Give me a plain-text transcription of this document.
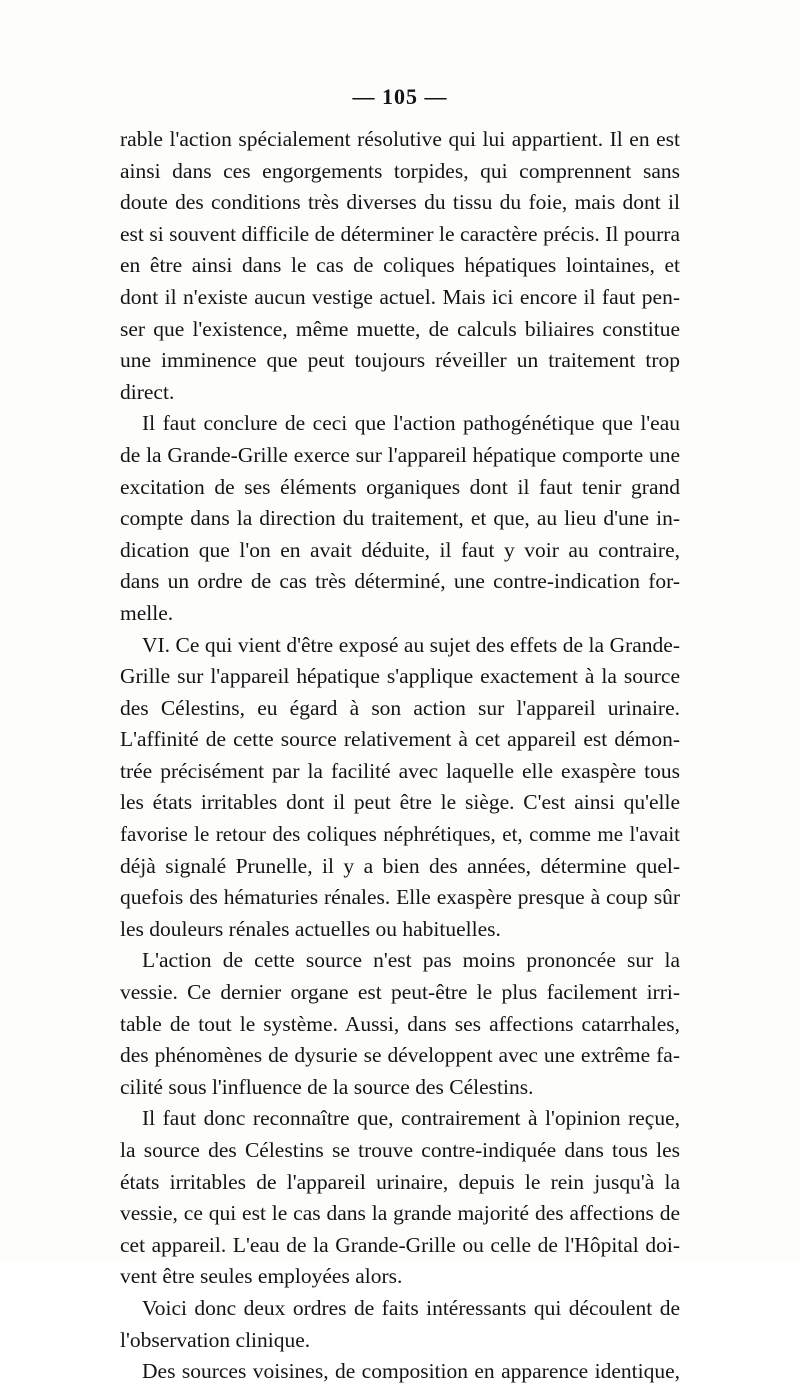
— 105 —
rable l'action spécialement résolutive qui lui appartient. Il en est
ainsi dans ces engorgements torpides, qui comprennent sans
doute des conditions très diverses du tissu du foie, mais dont il
est si souvent difficile de déterminer le caractère précis. Il pourra
en être ainsi dans le cas de coliques hépatiques lointaines, et
dont il n'existe aucun vestige actuel. Mais ici encore il faut pen-
ser que l'existence, même muette, de calculs biliaires constitue
une imminence que peut toujours réveiller un traitement trop
direct.
Il faut conclure de ceci que l'action pathogénétique que l'eau
de la Grande-Grille exerce sur l'appareil hépatique comporte une
excitation de ses éléments organiques dont il faut tenir grand
compte dans la direction du traitement, et que, au lieu d'une in-
dication que l'on en avait déduite, il faut y voir au contraire,
dans un ordre de cas très déterminé, une contre-indication for-
melle.
VI. Ce qui vient d'être exposé au sujet des effets de la Grande-
Grille sur l'appareil hépatique s'applique exactement à la source
des Célestins, eu égard à son action sur l'appareil urinaire.
L'affinité de cette source relativement à cet appareil est démon-
trée précisément par la facilité avec laquelle elle exaspère tous
les états irritables dont il peut être le siège. C'est ainsi qu'elle
favorise le retour des coliques néphrétiques, et, comme me l'avait
déjà signalé Prunelle, il y a bien des années, détermine quel-
quefois des hématuries rénales. Elle exaspère presque à coup sûr
les douleurs rénales actuelles ou habituelles.
L'action de cette source n'est pas moins prononcée sur la
vessie. Ce dernier organe est peut-être le plus facilement irri-
table de tout le système. Aussi, dans ses affections catarrhales,
des phénomènes de dysurie se développent avec une extrême fa-
cilité sous l'influence de la source des Célestins.
Il faut donc reconnaître que, contrairement à l'opinion reçue,
la source des Célestins se trouve contre-indiquée dans tous les
états irritables de l'appareil urinaire, depuis le rein jusqu'à la
vessie, ce qui est le cas dans la grande majorité des affections de
cet appareil. L'eau de la Grande-Grille ou celle de l'Hôpital doi-
vent être seules employées alors.
Voici donc deux ordres de faits intéressants qui découlent de
l'observation clinique.
Des sources voisines, de composition en apparence identique,
